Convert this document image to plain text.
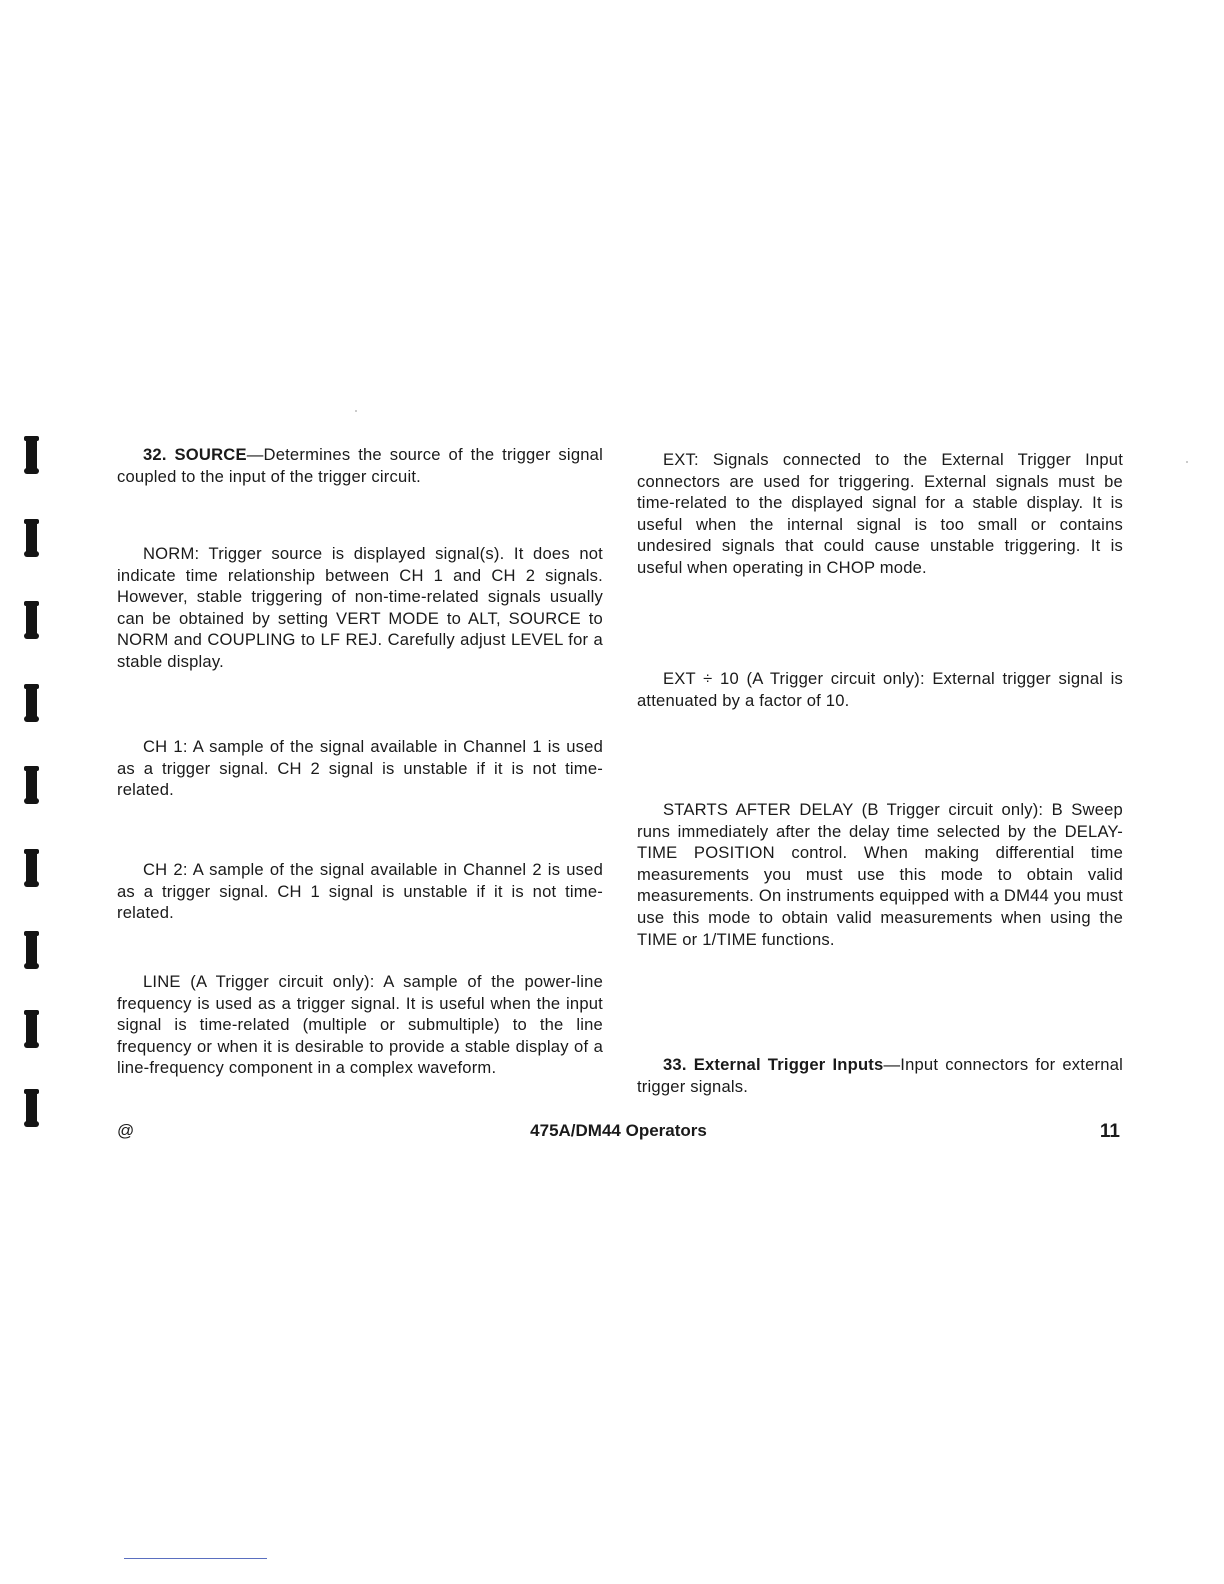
32. SOURCE—Determines the source of the trigger signal coupled to the input of the trigger circuit.

NORM: Trigger source is displayed signal(s). It does not indicate time relationship between CH 1 and CH 2 signals. However, stable triggering of non-time-related signals usually can be obtained by setting VERT MODE to ALT, SOURCE to NORM and COUPLING to LF REJ. Carefully adjust LEVEL for a stable display.

CH 1: A sample of the signal available in Channel 1 is used as a trigger signal. CH 2 signal is unstable if it is not time-related.

CH 2: A sample of the signal available in Channel 2 is used as a trigger signal. CH 1 signal is unstable if it is not time-related.

LINE (A Trigger circuit only): A sample of the power-line frequency is used as a trigger signal. It is useful when the input signal is time-related (multiple or submultiple) to the line frequency or when it is desirable to provide a stable display of a line-frequency component in a complex waveform.

EXT: Signals connected to the External Trigger Input connectors are used for triggering. External signals must be time-related to the displayed signal for a stable display. It is useful when the internal signal is too small or contains undesired signals that could cause unstable triggering. It is useful when operating in CHOP mode.

EXT ÷ 10 (A Trigger circuit only): External trigger signal is attenuated by a factor of 10.

STARTS AFTER DELAY (B Trigger circuit only): B Sweep runs immediately after the delay time selected by the DELAY-TIME POSITION control. When making differential time measurements you must use this mode to obtain valid measurements. On instruments equipped with a DM44 you must use this mode to obtain valid measurements when using the TIME or 1/TIME functions.

33. External Trigger Inputs—Input connectors for external trigger signals.

@	475A/DM44 Operators	11
